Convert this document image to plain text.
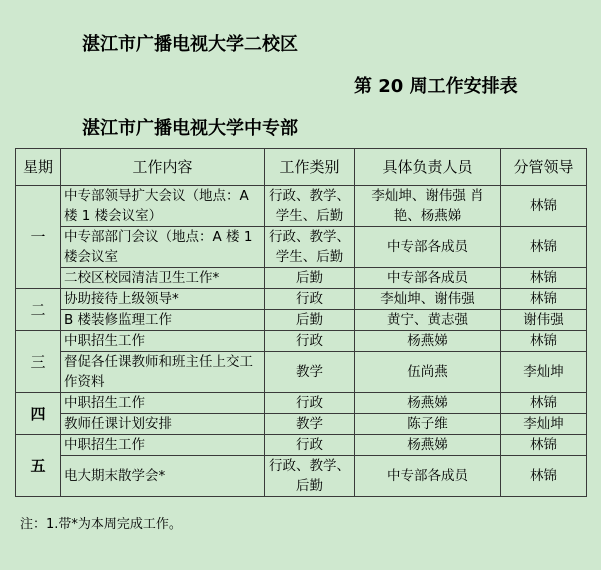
湛江市广播电视大学二校区
第 20 周工作安排表
湛江市广播电视大学中专部
星期	工作内容	工作类别	具体负责人员	分管领导
一	中专部领导扩大会议（地点：A 楼 1 楼会议室）	行政、教学、学生、后勤	李灿坤、谢伟强 肖　艳、杨燕娣	林锦
	中专部部门会议（地点：A 楼 1 楼会议室	行政、教学、学生、后勤	中专部各成员	林锦
	二校区校园清洁卫生工作*	后勤	中专部各成员	林锦
二	协助接待上级领导*	行政	李灿坤、谢伟强	林锦
	B 楼装修监理工作	后勤	黄宁、黄志强	谢伟强
三	中职招生工作	行政	杨燕娣	林锦
	督促各任课教师和班主任上交工作资料	教学	伍尚燕	李灿坤
四	中职招生工作	行政	杨燕娣	林锦
	教师任课计划安排	教学	陈子维	李灿坤
五	中职招生工作	行政	杨燕娣	林锦
	电大期末散学会*	行政、教学、后勤	中专部各成员	林锦
注：1.带*为本周完成工作。
